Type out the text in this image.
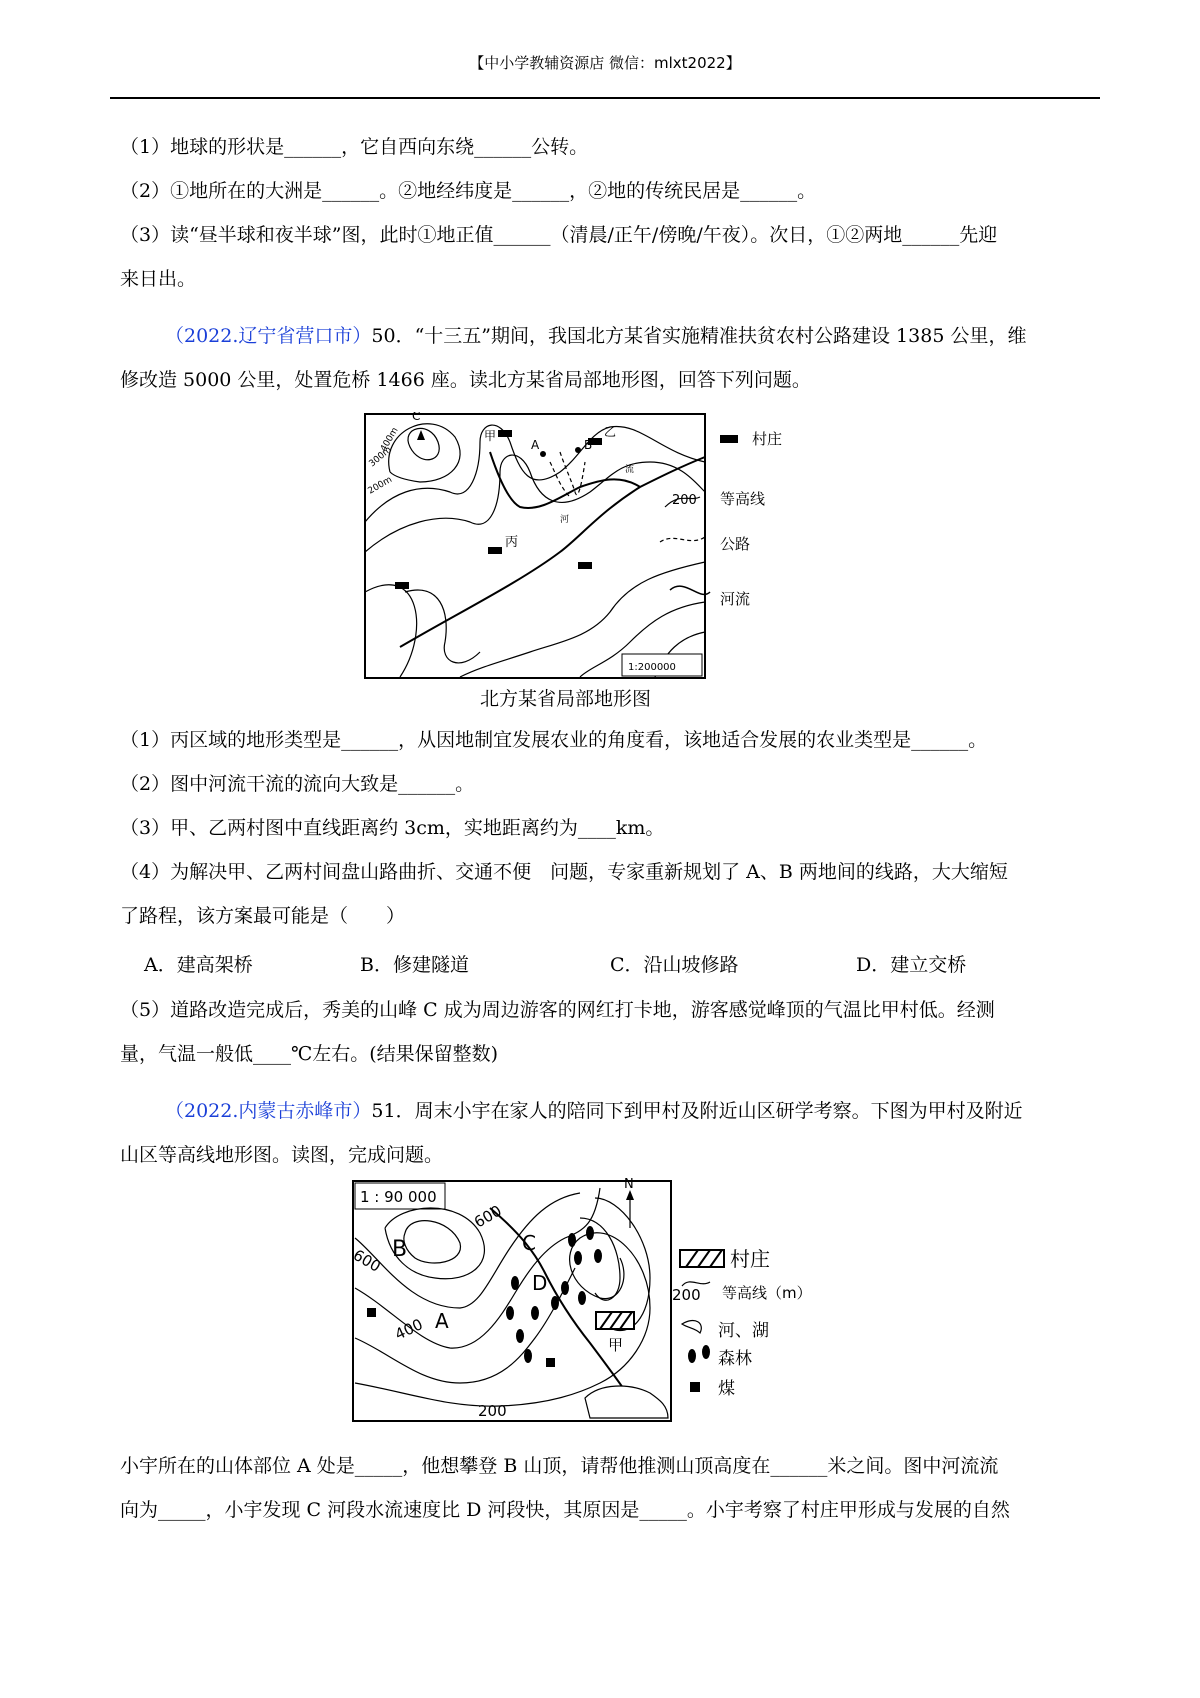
【中小学教辅资源店 微信：mlxt2022】
（1）地球的形状是______，它自西向东绕______公转。
（2）①地所在的大洲是______。②地经纬度是______，②地的传统民居是______。
（3）读“昼半球和夜半球”图，此时①地正值______（清晨/正午/傍晚/午夜）。次日，①②两地______先迎
来日出。
（2022.辽宁省营口市）50．“十三五”期间，我国北方某省实施精准扶贫农村公路建设 1385 公里，维
修改造 5000 公里，处置危桥 1466 座。读北方某省局部地形图，回答下列问题。
C
A	B
甲	乙
丙
流
河
400m
300m
200m
1:200000
村庄
200 等高线
公路
河流
北方某省局部地形图
（1）丙区域的地形类型是______，从因地制宜发展农业的角度看，该地适合发展的农业类型是______。
（2）图中河流干流的流向大致是______。
（3）甲、乙两村图中直线距离约 3cm，实地距离约为____km。
（4）为解决甲、乙两村间盘山路曲折、交通不便　问题，专家重新规划了 A、B 两地间的线路，大大缩短
了路程，该方案最可能是（　　）
A．建高架桥	B．修建隧道	C．沿山坡修路	D．建立交桥
（5）道路改造完成后，秀美的山峰 C 成为周边游客的网红打卡地，游客感觉峰顶的气温比甲村低。经测
量，气温一般低____℃左右。(结果保留整数)
（2022.内蒙古赤峰市）51．周末小宇在家人的陪同下到甲村及附近山区研学考察。下图为甲村及附近
山区等高线地形图。读图，完成问题。
1 : 90 000
N
B	C
D
A
甲
600
600
400
200
村庄
200 等高线（m）
河、湖
森林
煤
小宇所在的山体部位 A 处是_____，他想攀登 B 山顶，请帮他推测山顶高度在______米之间。图中河流流
向为_____，小宇发现 C 河段水流速度比 D 河段快，其原因是_____。小宇考察了村庄甲形成与发展的自然
